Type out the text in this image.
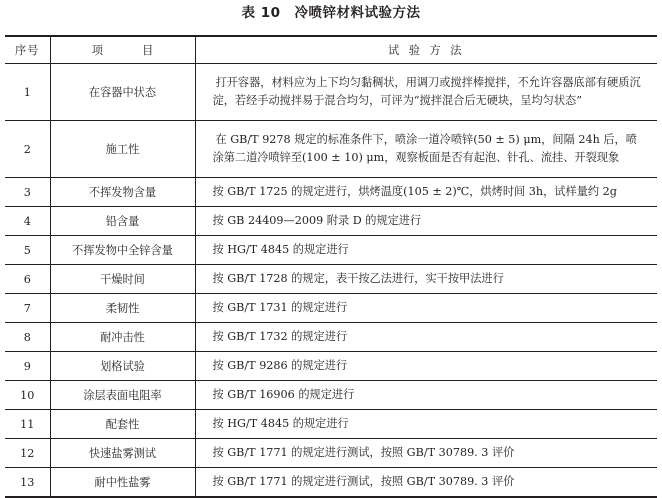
表 10　冷喷锌材料试验方法
序号	项　目	试 验 方 法
1	在容器中状态	打开容器，材料应为上下均匀黏稠状，用调刀或搅拌棒搅拌，不允许容器底部有硬质沉淀，若经手动搅拌易于混合均匀，可评为“搅拌混合后无硬块，呈均匀状态”
2	施工性	在 GB/T 9278 规定的标准条件下，喷涂一道冷喷锌(50 ± 5) μm，间隔 24h 后，喷涂第二道冷喷锌至(100 ± 10) μm，观察板面是否有起泡、针孔、流挂、开裂现象
3	不挥发物含量	按 GB/T 1725 的规定进行，烘烤温度(105 ± 2)℃，烘烤时间 3h，试样量约 2g
4	铅含量	按 GB 24409—2009 附录 D 的规定进行
5	不挥发物中全锌含量	按 HG/T 4845 的规定进行
6	干燥时间	按 GB/T 1728 的规定，表干按乙法进行，实干按甲法进行
7	柔韧性	按 GB/T 1731 的规定进行
8	耐冲击性	按 GB/T 1732 的规定进行
9	划格试验	按 GB/T 9286 的规定进行
10	涂层表面电阻率	按 GB/T 16906 的规定进行
11	配套性	按 HG/T 4845 的规定进行
12	快速盐雾测试	按 GB/T 1771 的规定进行测试，按照 GB/T 30789. 3 评价
13	耐中性盐雾	按 GB/T 1771 的规定进行测试，按照 GB/T 30789. 3 评价
